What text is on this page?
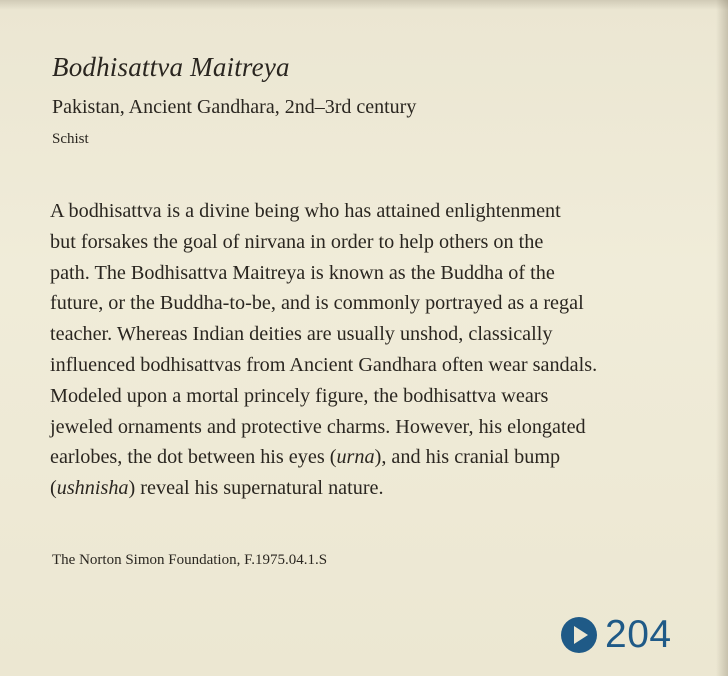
Bodhisattva Maitreya
Pakistan, Ancient Gandhara, 2nd–3rd century
Schist
A bodhisattva is a divine being who has attained enlightenment
but forsakes the goal of nirvana in order to help others on the
path. The Bodhisattva Maitreya is known as the Buddha of the
future, or the Buddha-to-be, and is commonly portrayed as a regal
teacher. Whereas Indian deities are usually unshod, classically
influenced bodhisattvas from Ancient Gandhara often wear sandals.
Modeled upon a mortal princely figure, the bodhisattva wears
jeweled ornaments and protective charms. However, his elongated
earlobes, the dot between his eyes (urna), and his cranial bump
(ushnisha) reveal his supernatural nature.
The Norton Simon Foundation, F.1975.04.1.S
204
